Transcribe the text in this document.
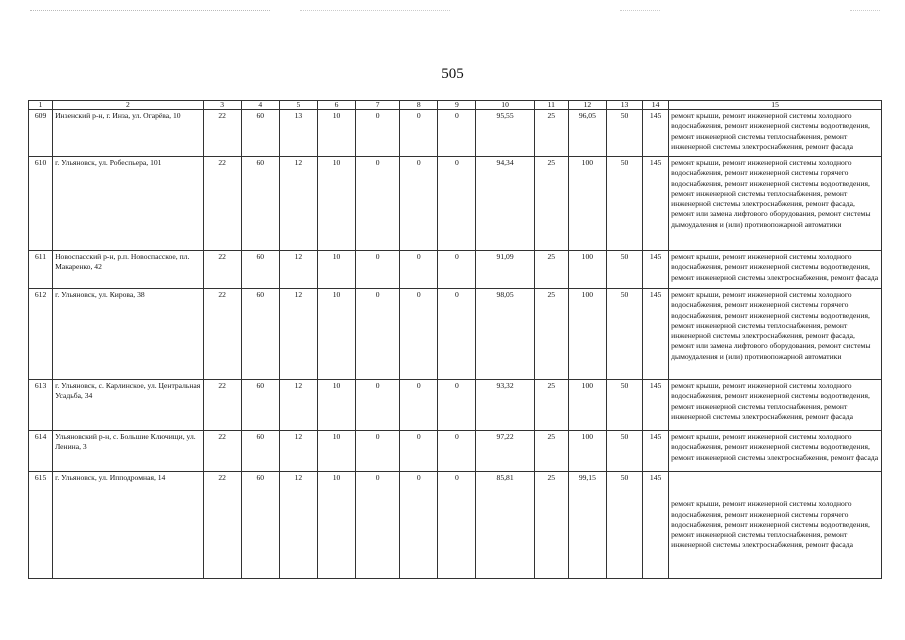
505
1	2	3	4	5	6	7	8	9	10	11	12	13	14	15
609	Инзенский р-н, г. Инза, ул. Огарёва, 10	22	60	13	10	0	0	0	95,55	25	96,05	50	145	ремонт крыши, ремонт инженерной системы холодного водоснабжения, ремонт инженерной системы водоотведения, ремонт инженерной системы теплоснабжения, ремонт инженерной системы электроснабжения, ремонт фасада
610	г. Ульяновск, ул. Робеспьера, 101	22	60	12	10	0	0	0	94,34	25	100	50	145	ремонт крыши, ремонт инженерной системы холодного водоснабжения, ремонт инженерной системы горячего водоснабжения, ремонт инженерной системы водоотведения, ремонт инженерной системы теплоснабжения, ремонт инженерной системы электроснабжения, ремонт фасада, ремонт или замена лифтового оборудования, ремонт системы дымоудаления и (или) противопожарной автоматики
611	Новоспасский р-н, р.п. Новоспасское, пл. Макаренко, 42	22	60	12	10	0	0	0	91,09	25	100	50	145	ремонт крыши, ремонт инженерной системы холодного водоснабжения, ремонт инженерной системы водоотведения, ремонт инженерной системы электроснабжения, ремонт фасада
612	г. Ульяновск, ул. Кирова, 38	22	60	12	10	0	0	0	98,05	25	100	50	145	ремонт крыши, ремонт инженерной системы холодного водоснабжения, ремонт инженерной системы горячего водоснабжения, ремонт инженерной системы водоотведения, ремонт инженерной системы теплоснабжения, ремонт инженерной системы электроснабжения, ремонт фасада, ремонт или замена лифтового оборудования, ремонт системы дымоудаления и (или) противопожарной автоматики
613	г. Ульяновск, с. Карлинское, ул. Центральная Усадьба, 34	22	60	12	10	0	0	0	93,32	25	100	50	145	ремонт крыши, ремонт инженерной системы холодного водоснабжения, ремонт инженерной системы водоотведения, ремонт инженерной системы теплоснабжения, ремонт инженерной системы электроснабжения, ремонт фасада
614	Ульяновский р-н, с. Большие Ключищи, ул. Ленина, 3	22	60	12	10	0	0	0	97,22	25	100	50	145	ремонт крыши, ремонт инженерной системы холодного водоснабжения, ремонт инженерной системы водоотведения, ремонт инженерной системы электроснабжения, ремонт фасада
615	г. Ульяновск, ул. Ипподромная, 14	22	60	12	10	0	0	0	85,81	25	99,15	50	145	ремонт крыши, ремонт инженерной системы холодного водоснабжения, ремонт инженерной системы горячего водоснабжения, ремонт инженерной системы водоотведения, ремонт инженерной системы теплоснабжения, ремонт инженерной системы электроснабжения, ремонт фасада
